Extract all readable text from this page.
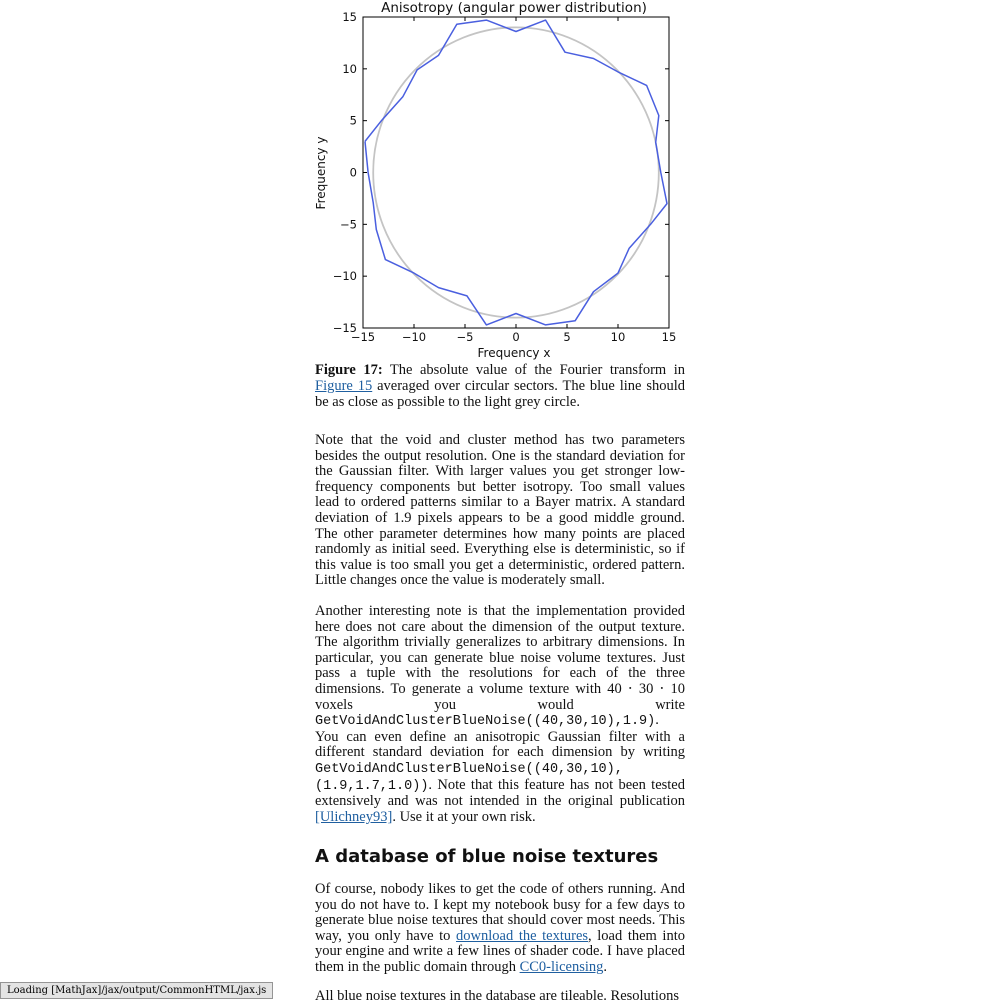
Anisotropy (angular power distribution)
−15 −10	−5	0	5	10	15
15
10
5
0
−5
−10
−15
Frequency x
Frequency y

Figure 17: The absolute value of the Fourier transform in Figure 15 averaged over circular sectors. The blue line should be as close as possible to the light grey circle.

Note that the void and cluster method has two parameters besides the output resolution. One is the standard deviation for the Gaussian filter. With larger values you get stronger low-frequency components but better isotropy. Too small values lead to ordered patterns similar to a Bayer matrix. A standard deviation of 1.9 pixels appears to be a good middle ground. The other parameter determines how many points are placed randomly as initial seed. Everything else is deterministic, so if this value is too small you get a deterministic, ordered pattern. Little changes once the value is moderately small.

Another interesting note is that the implementation provided here does not care about the dimension of the output texture. The algorithm trivially generalizes to arbitrary dimensions. In particular, you can generate blue noise volume textures. Just pass a tuple with the resolutions for each of the three dimensions. To generate a volume texture with 40 ⋅ 30 ⋅ 10 voxels you would write GetVoidAndClusterBlueNoise((40,30,10),1.9). You can even define an anisotropic Gaussian filter with a different standard deviation for each dimension by writing GetVoidAndClusterBlueNoise((40,30,10),(1.9,1.7,1.0)). Note that this feature has not been tested extensively and was not intended in the original publication [Ulichney93]. Use it at your own risk.

A database of blue noise textures

Of course, nobody likes to get the code of others running. And you do not have to. I kept my notebook busy for a few days to generate blue noise textures that should cover most needs. This way, you only have to download the textures, load them into your engine and write a few lines of shader code. I have placed them in the public domain through CC0-licensing.

All blue noise textures in the database are tileable. Resolutions

Loading [MathJax]/jax/output/CommonHTML/jax.js
